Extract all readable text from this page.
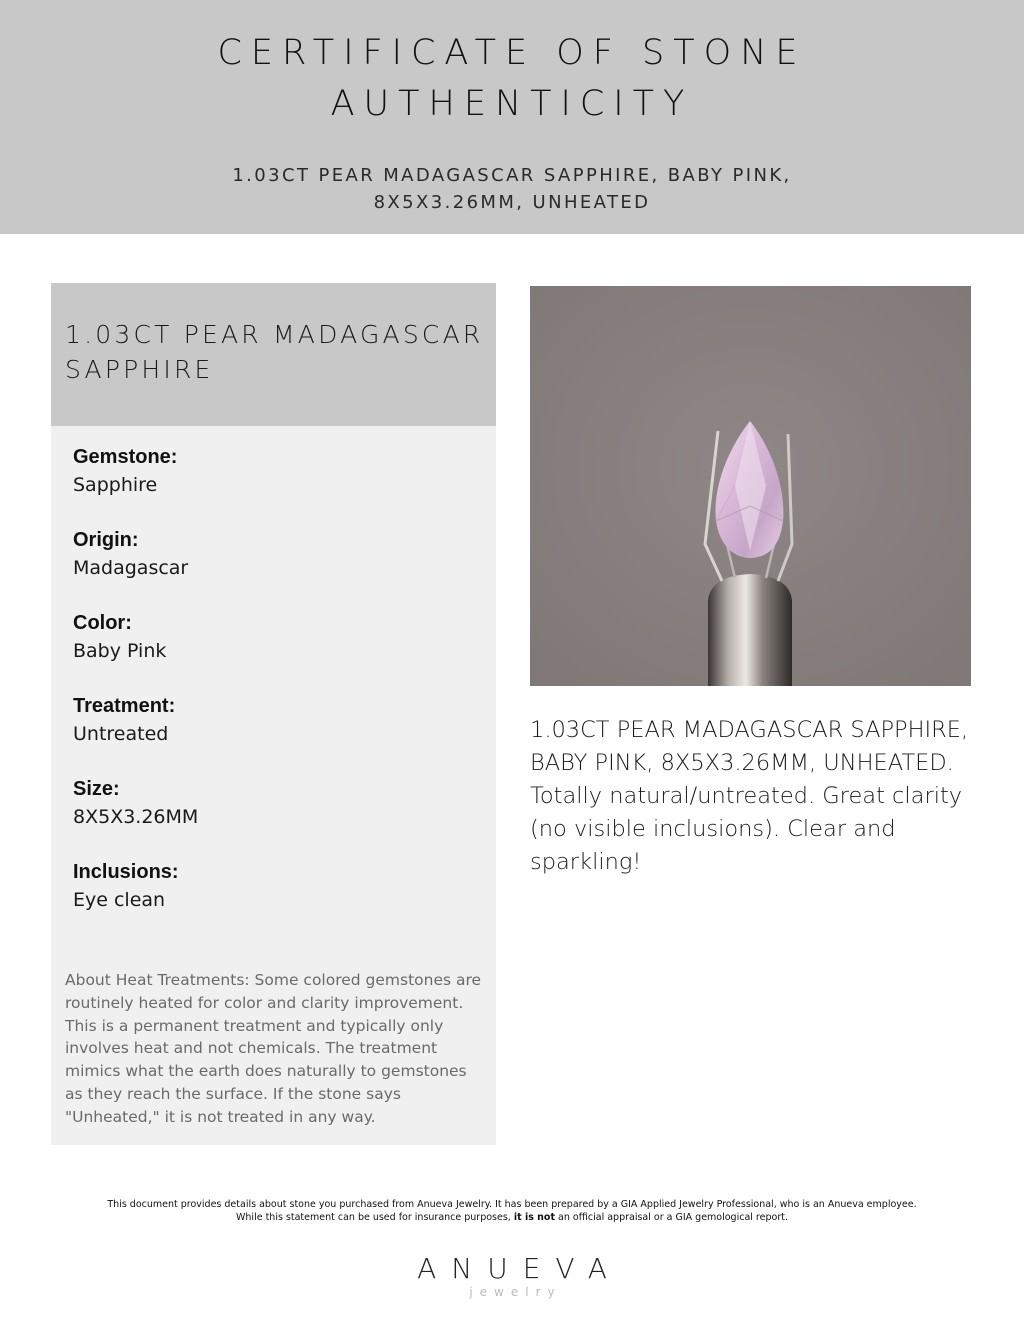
CERTIFICATE OF STONE AUTHENTICITY
1.03CT PEAR MADAGASCAR SAPPHIRE, BABY PINK, 8X5X3.26MM, UNHEATED
1.03CT PEAR MADAGASCAR SAPPHIRE
Gemstone:
Sapphire
Origin:
Madagascar
Color:
Baby Pink
Treatment:
Untreated
Size:
8X5X3.26MM
Inclusions:
Eye clean
About Heat Treatments: Some colored gemstones are routinely heated for color and clarity improvement. This is a permanent treatment and typically only involves heat and not chemicals. The treatment mimics what the earth does naturally to gemstones as they reach the surface. If the stone says "Unheated," it is not treated in any way.
1.03CT PEAR MADAGASCAR SAPPHIRE, BABY PINK, 8X5X3.26MM, UNHEATED. Totally natural/untreated. Great clarity (no visible inclusions). Clear and sparkling!
This document provides details about stone you purchased from Anueva Jewelry. It has been prepared by a GIA Applied Jewelry Professional, who is an Anueva employee.
While this statement can be used for insurance purposes, it is not an official appraisal or a GIA gemological report.
ANUEVA
jewelry
